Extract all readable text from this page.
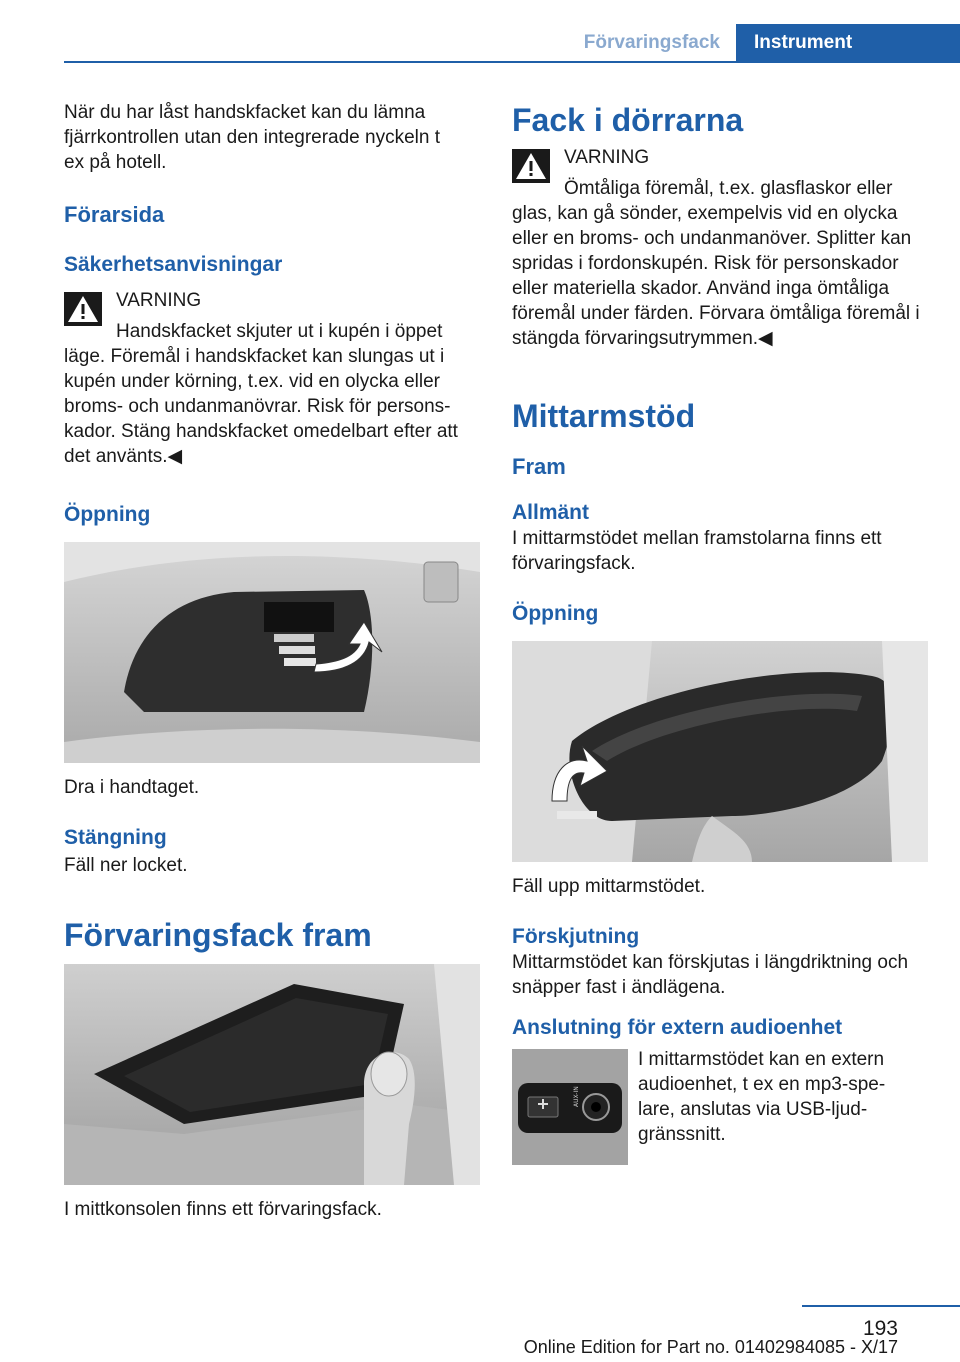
Förvaringsfack	Instrument

När du har låst handskfacket kan du lämna fjärrkontrollen utan den integrerade nyckeln t ex på hotell.

Förarsida
Säkerhetsanvisningar
VARNING
Handskfacket skjuter ut i kupén i öppet

läge. Föremål i handskfacket kan slungas ut i kupén under körning, t.ex. vid en olycka eller broms- och undanmanövrar. Risk för personskador. Stäng handskfacket omedelbart efter att det använts.◀

Öppning

Dra i handtaget.

Stängning

Fäll ner locket.

Förvaringsfack fram

I mittkonsolen finns ett förvaringsfack.

Fack i dörrarna
VARNING
Ömtåliga föremål, t.ex. glasflaskor eller

glas, kan gå sönder, exempelvis vid en olycka eller en broms- och undanmanöver. Splitter kan spridas i fordonskupén. Risk för personskador eller materiella skador. Använd inga ömtåliga föremål under färden. Förvara ömtåliga föremål i stängda förvaringsutrymmen.◀

Mittarmstöd
Fram
Allmänt

I mittarmstödet mellan framstolarna finns ett förvaringsfack.

Öppning

Fäll upp mittarmstödet.

Förskjutning

Mittarmstödet kan förskjutas i längdriktning och snäpper fast i ändlägena.

Anslutning för extern audioenhet
AUX-IN

I mittarmstödet kan en extern audioenhet, t ex en mp3-spelare, anslutas via USB-ljudgränssnitt.

193
Online Edition for Part no. 01402984085 - X/17
